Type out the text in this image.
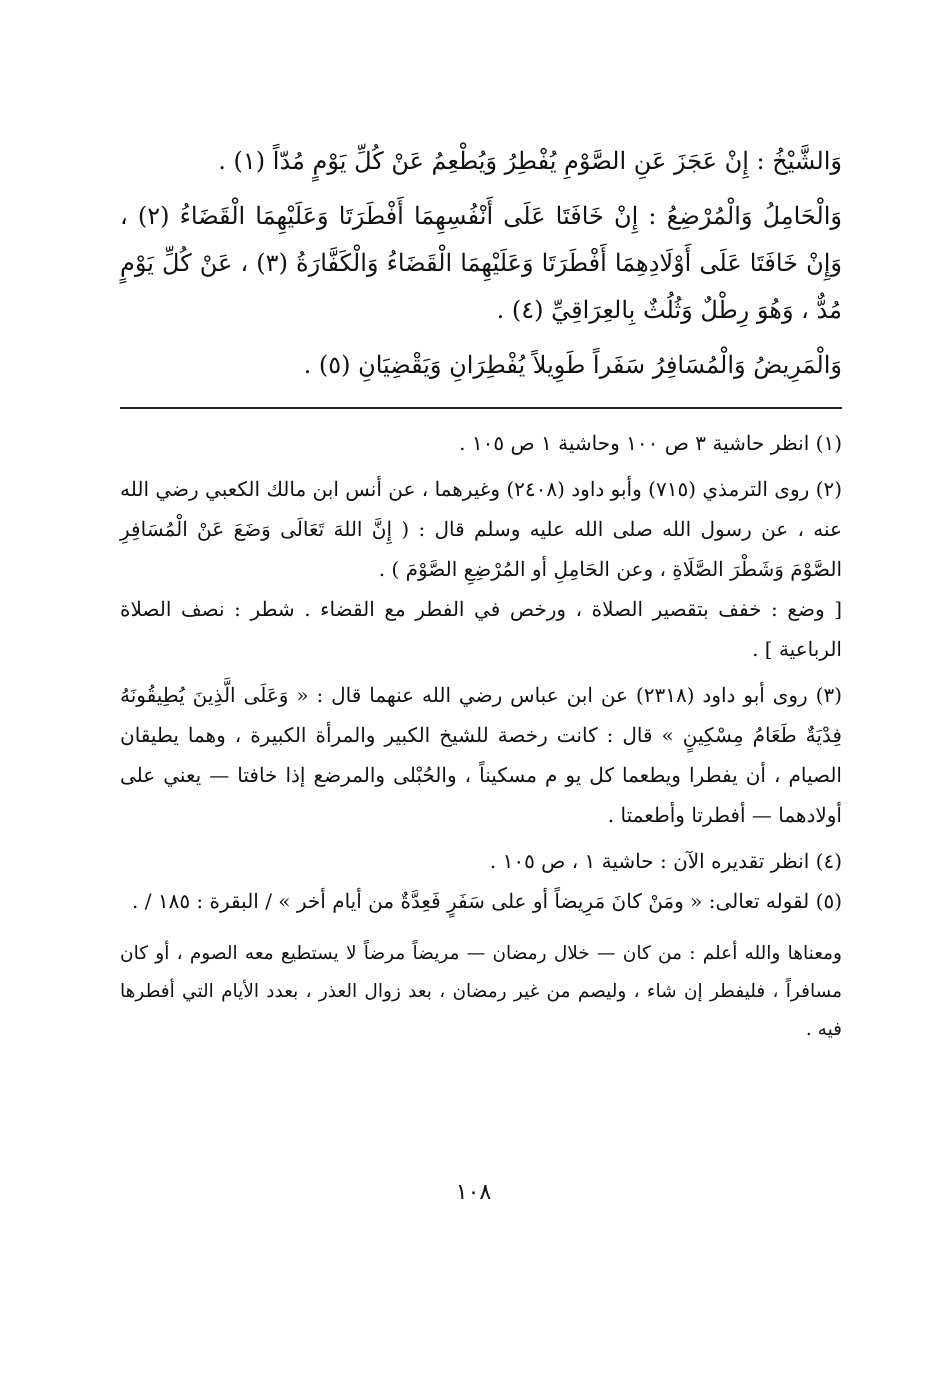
وَالشَّيْخُ : إِنْ عَجَزَ عَنِ الصَّوْمِ يُفْطِرُ وَيُطْعِمُ عَنْ كُلِّ يَوْمٍ مُدّاً (١) .

وَالْحَامِلُ وَالْمُرْضِعُ : إِنْ خَافَتَا عَلَى أَنْفُسِهِمَا أَفْطَرَتَا وَعَلَيْهِمَا الْقَضَاءُ (٢) ، وَإِنْ خَافَتَا عَلَى أَوْلَادِهِمَا أَفْطَرَتَا وَعَلَيْهِمَا الْقَضَاءُ وَالْكَفَّارَةُ (٣) ، عَنْ كُلِّ يَوْمٍ مُدٌّ ، وَهُوَ رِطْلٌ وَثُلُثٌ بِالعِرَاقِيِّ (٤) .

وَالْمَرِيضُ وَالْمُسَافِرُ سَفَراً طَوِيلاً يُفْطِرَانِ وَيَقْضِيَانِ (٥) .

(١) انظر حاشية ٣ ص ١٠٠ وحاشية ١ ص ١٠٥ .

(٢) روى الترمذي (٧١٥) وأبو داود (٢٤٠٨) وغيرهما ، عن أنس ابن مالك الكعبي رضي الله عنه ، عن رسول الله صلى الله عليه وسلم قال : ( إِنَّ اللهَ تَعَالَى وَضَعَ عَنْ الْمُسَافِرِ الصَّوْمَ وَشَطْرَ الصَّلَاةِ ، وعن الحَامِلِ أو المُرْضِعِ الصَّوْمَ ) .

[ وضع : خفف بتقصير الصلاة ، ورخص في الفطر مع القضاء . شطر : نصف الصلاة الرباعية ] .

(٣) روى أبو داود (٢٣١٨) عن ابن عباس رضي الله عنهما قال : « وَعَلَى الَّذِينَ يُطِيقُونَهُ فِدْيَةٌ طَعَامُ مِسْكِينٍ » قال : كانت رخصة للشيخ الكبير والمرأة الكبيرة ، وهما يطيقان الصيام ، أن يفطرا ويطعما كل يو م مسكيناً ، والحُبْلى والمرضع إذا خافتا — يعني على أولادهما — أفطرتا وأطعمتا .

(٤) انظر تقديره الآن : حاشية ١ ، ص ١٠٥ .

(٥) لقوله تعالى: « ومَنْ كانَ مَرِيضاً أو على سَفَرٍ فَعِدَّةٌ من أيام أخر » / البقرة : ١٨٥ / .

ومعناها والله أعلم : من كان — خلال رمضان — مريضاً مرضاً لا يستطيع معه الصوم ، أو كان مسافراً ، فليفطر إن شاء ، وليصم من غير رمضان ، بعد زوال العذر ، بعدد الأيام التي أفطرها فيه .

١٠٨
